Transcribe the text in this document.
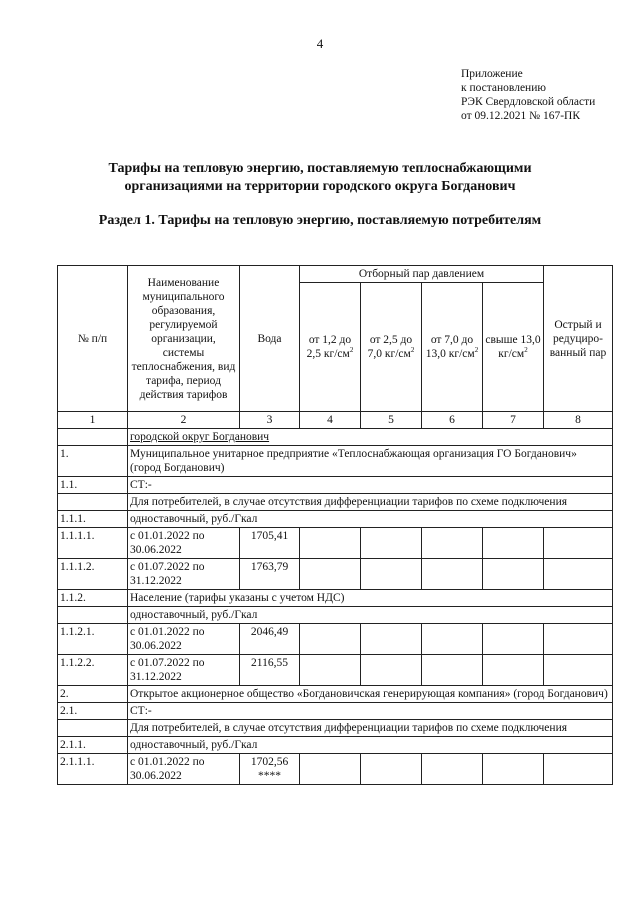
4
Приложение
к постановлению
РЭК Свердловской области
от 09.12.2021 № 167-ПК
Тарифы на тепловую энергию, поставляемую теплоснабжающими
организациями на территории городского округа Богданович
Раздел 1. Тарифы на тепловую энергию, поставляемую потребителям
№ п/п	Наименование муниципального образования, регулируемой организации, системы теплоснабжения, вид тарифа, период действия тарифов	Вода	Отборный пар давлением				Острый и редуциро-ванный пар
			от 1,2 до 2,5 $кг/см^2$	от 2,5 до 7,0 $кг/см^2$	от 7,0 до 13,0 $кг/см^2$	свыше 13,0 $кг/см^2$
1	2	3	4	5	6	7	8
	городской округ Богданович						
1.	Муниципальное унитарное предприятие «Теплоснабжающая организация ГО Богданович» (город Богданович)						
1.1.	СТ:-						
	Для потребителей, в случае отсутствия дифференциации тарифов по схеме подключения						
1.1.1.	одноставочный, руб./Гкал						
1.1.1.1.	с 01.01.2022 по 30.06.2022	1705,41					
1.1.1.2.	с 01.07.2022 по 31.12.2022	1763,79					
1.1.2.	Население (тарифы указаны с учетом НДС)						
	одноставочный, руб./Гкал						
1.1.2.1.	с 01.01.2022 по 30.06.2022	2046,49					
1.1.2.2.	с 01.07.2022 по 31.12.2022	2116,55					
2.	Открытое акционерное общество «Богдановичская генерирующая компания» (город Богданович)						
2.1.	СТ:-						
	Для потребителей, в случае отсутствия дифференциации тарифов по схеме подключения						
2.1.1.	одноставочный, руб./Гкал						
2.1.1.1.	с 01.01.2022 по 30.06.2022	1702,56
****					
